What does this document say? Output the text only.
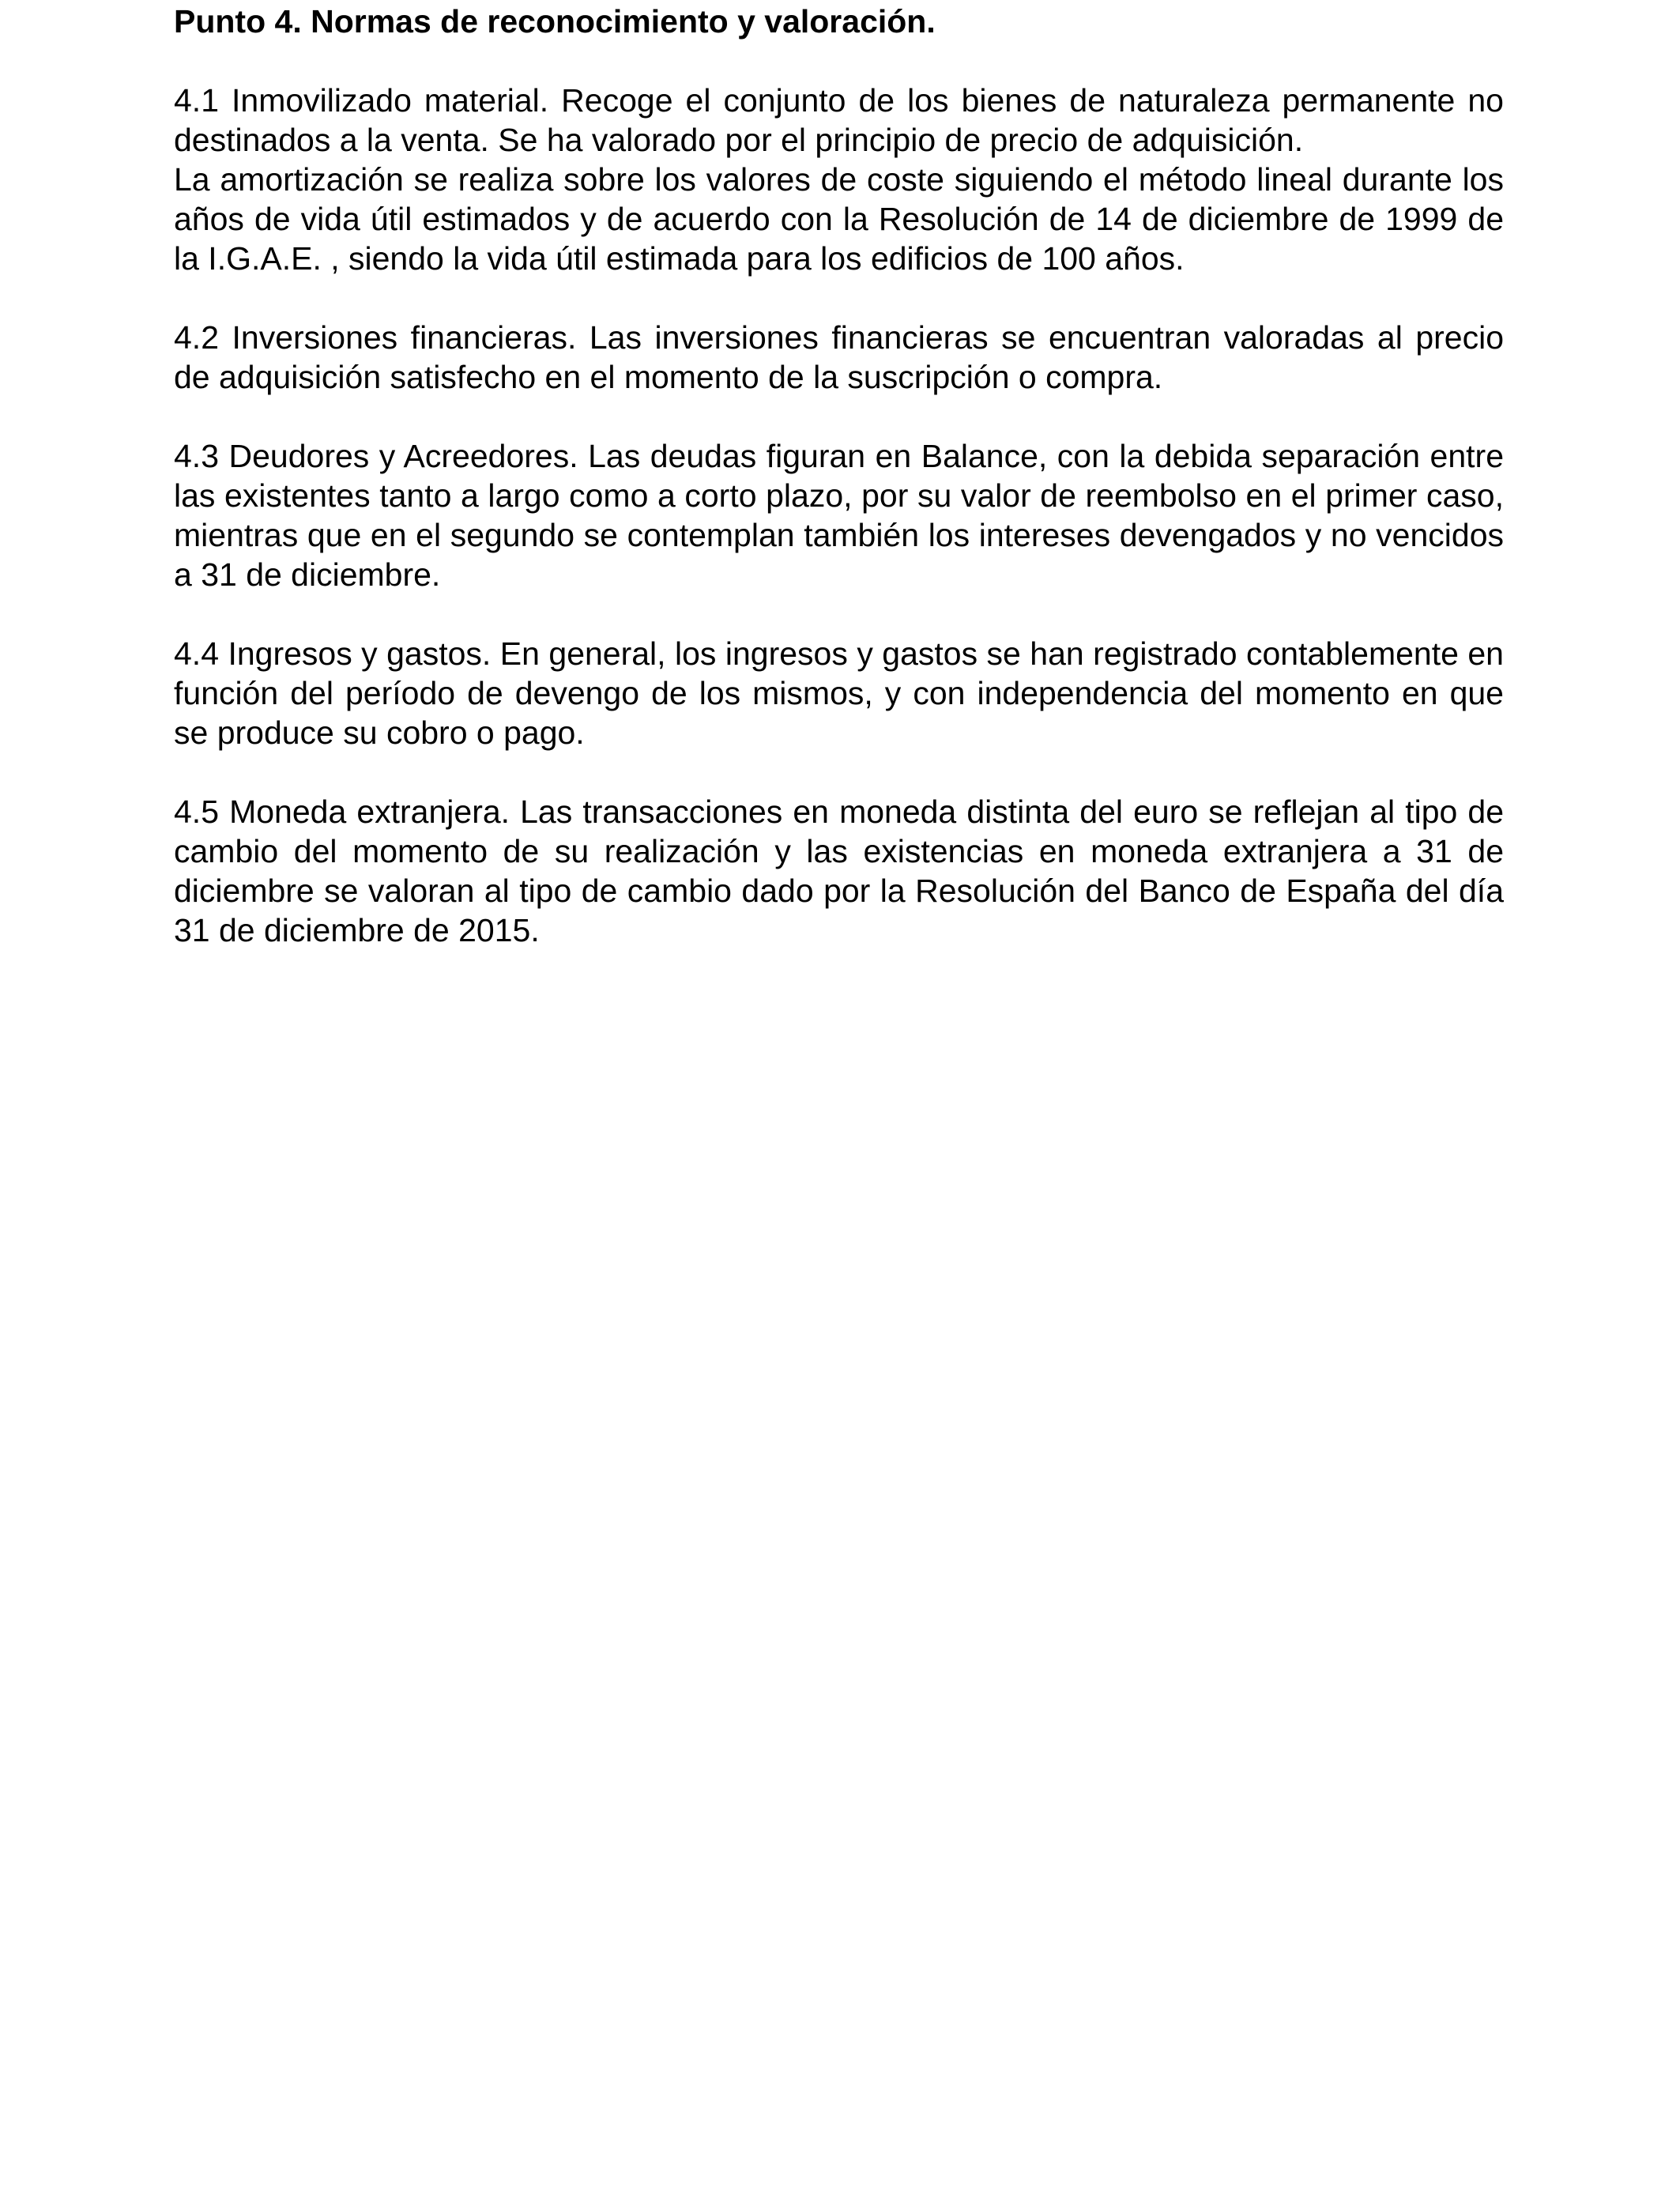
Punto 4. Normas de reconocimiento y valoración.
4.1 Inmovilizado material. Recoge el conjunto de los bienes de naturaleza permanente no destinados a la venta. Se ha valorado por el principio de precio de adquisición.
La amortización se realiza sobre los valores de coste siguiendo el método lineal durante los años de vida útil estimados y de acuerdo con la Resolución de 14 de diciembre de 1999 de la I.G.A.E. , siendo la vida útil estimada para los edificios de 100 años.
4.2 Inversiones financieras. Las inversiones financieras se encuentran valoradas al precio de adquisición satisfecho en el momento de la suscripción o compra.
4.3 Deudores y Acreedores. Las deudas figuran en Balance, con la debida separación entre las existentes tanto a largo como a corto plazo, por su valor de reembolso en el primer caso, mientras que en el segundo se contemplan también los intereses devengados y no vencidos a 31 de diciembre.
4.4 Ingresos y gastos. En general, los ingresos y gastos se han registrado contablemente en función del período de devengo de los mismos, y con independencia del momento en que se produce su cobro o pago.
4.5 Moneda extranjera. Las transacciones en moneda distinta del euro se reflejan al tipo de cambio del momento de su realización y las existencias en moneda extranjera a 31 de diciembre se valoran al tipo de cambio dado por la Resolución del Banco de España del día 31 de diciembre de 2015.
